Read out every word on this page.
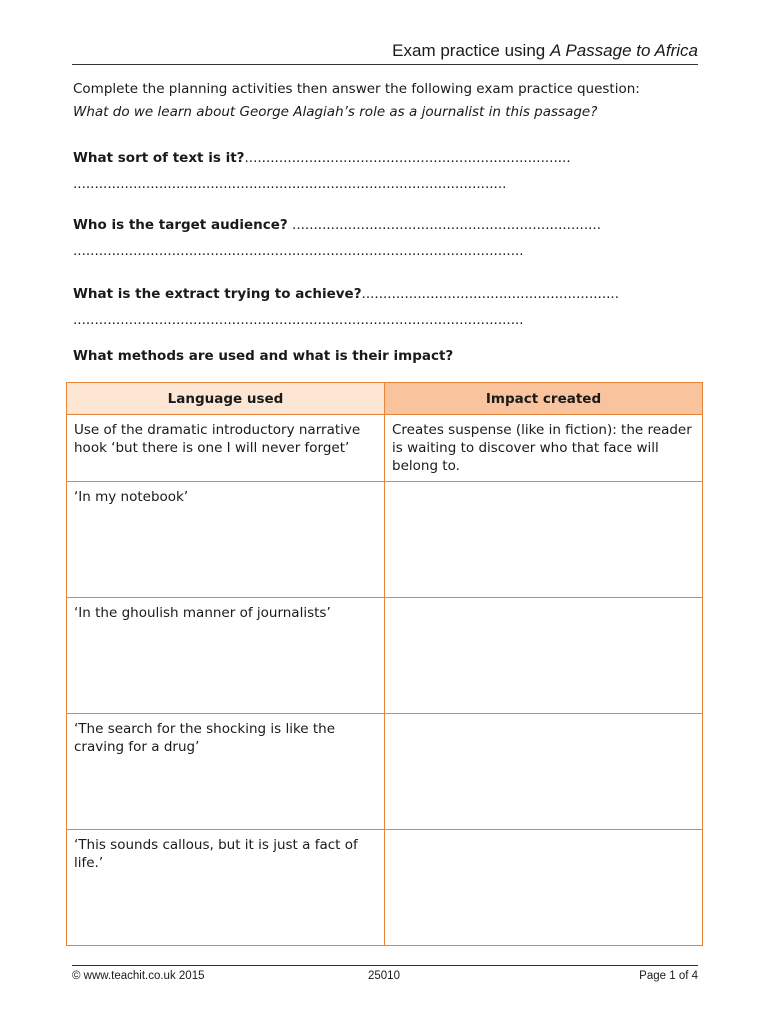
Exam practice using A Passage to Africa
Complete the planning activities then answer the following exam practice question:
What do we learn about George Alagiah’s role as a journalist in this passage?
What sort of text is it?............................................................................
.....................................................................................................
Who is the target audience? ........................................................................
.........................................................................................................
What is the extract trying to achieve?............................................................
.........................................................................................................
What methods are used and what is their impact?
Language used	Impact created
Use of the dramatic introductory narrative hook ‘but there is one I will never forget’	Creates suspense (like in fiction): the reader is waiting to discover who that face will belong to.
‘In my notebook’	
‘In the ghoulish manner of journalists’	
‘The search for the shocking is like the craving for a drug’	
‘This sounds callous, but it is just a fact of life.’	
© www.teachit.co.uk 2015	25010	Page 1 of 4
